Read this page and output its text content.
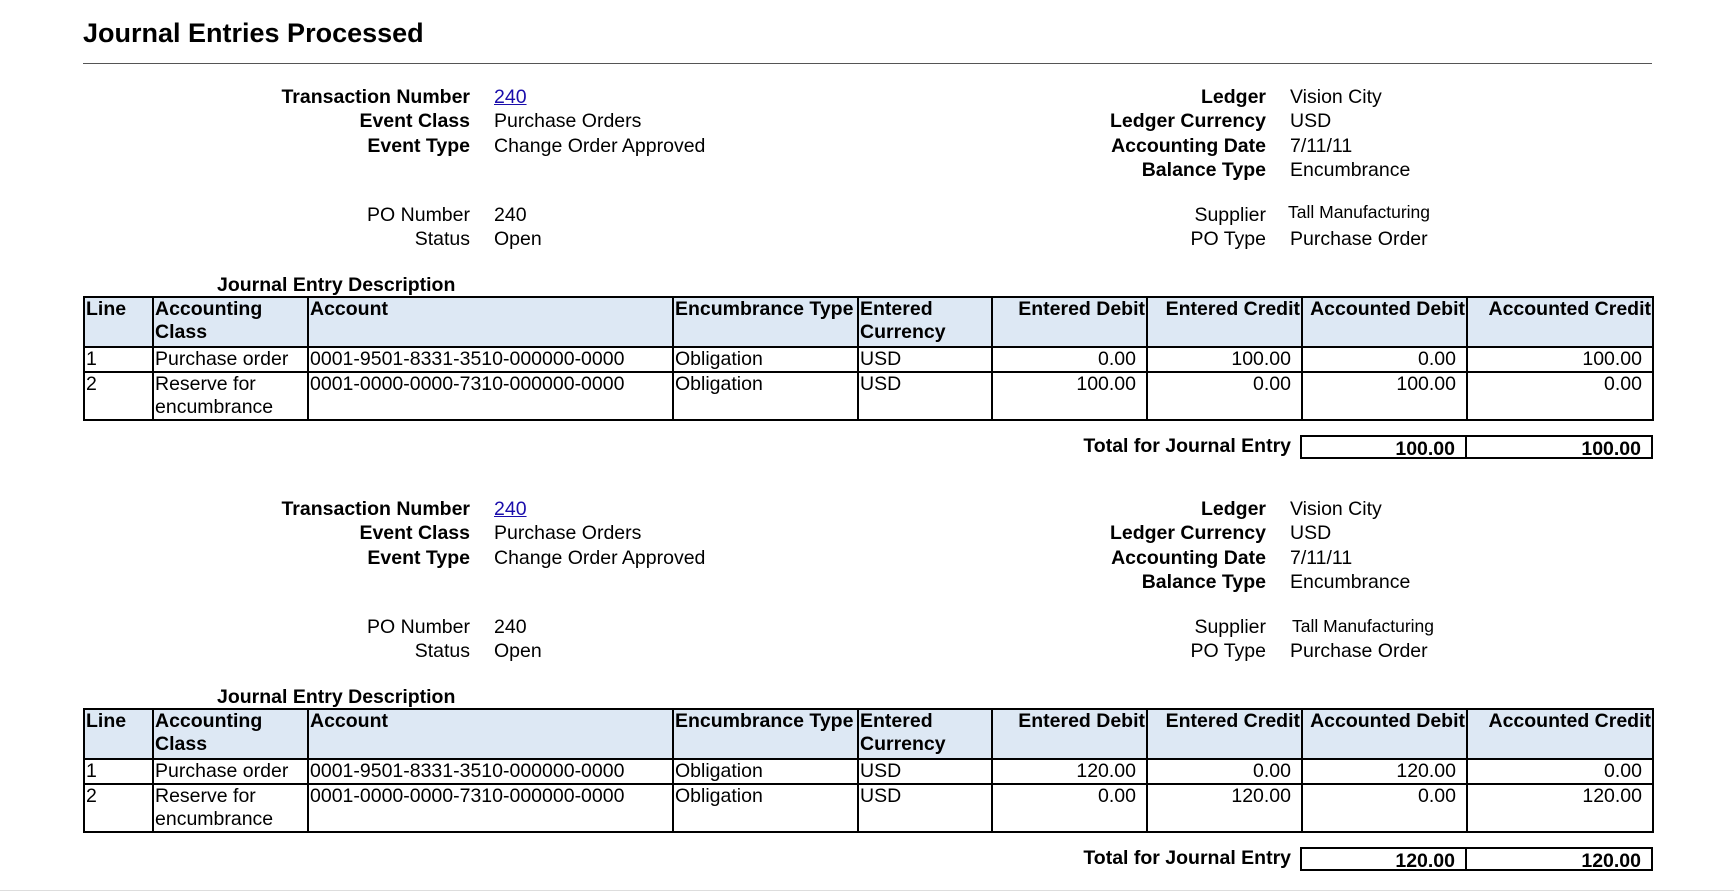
Journal Entries Processed
Transaction Number 240
Event Class Purchase Orders
Event Type Change Order Approved
PO Number 240
Status Open
Ledger Vision City
Ledger Currency USD
Accounting Date 7/11/11
Balance Type Encumbrance
Supplier Tall Manufacturing
PO Type Purchase Order
Journal Entry Description
Line	Accounting Class	Account	Encumbrance Type	Entered Currency	Entered Debit	Entered Credit	Accounted Debit	Accounted Credit
1	Purchase order	0001-9501-8331-3510-000000-0000	Obligation	USD	0.00	100.00	0.00	100.00
2	Reserve for encumbrance	0001-0000-0000-7310-000000-0000	Obligation	USD	100.00	0.00	100.00	0.00
Total for Journal Entry	100.00	100.00
Transaction Number 240
Event Class Purchase Orders
Event Type Change Order Approved
PO Number 240
Status Open
Ledger Vision City
Ledger Currency USD
Accounting Date 7/11/11
Balance Type Encumbrance
Supplier Tall Manufacturing
PO Type Purchase Order
Journal Entry Description
Line	Accounting Class	Account	Encumbrance Type	Entered Currency	Entered Debit	Entered Credit	Accounted Debit	Accounted Credit
1	Purchase order	0001-9501-8331-3510-000000-0000	Obligation	USD	120.00	0.00	120.00	0.00
2	Reserve for encumbrance	0001-0000-0000-7310-000000-0000	Obligation	USD	0.00	120.00	0.00	120.00
Total for Journal Entry	120.00	120.00
